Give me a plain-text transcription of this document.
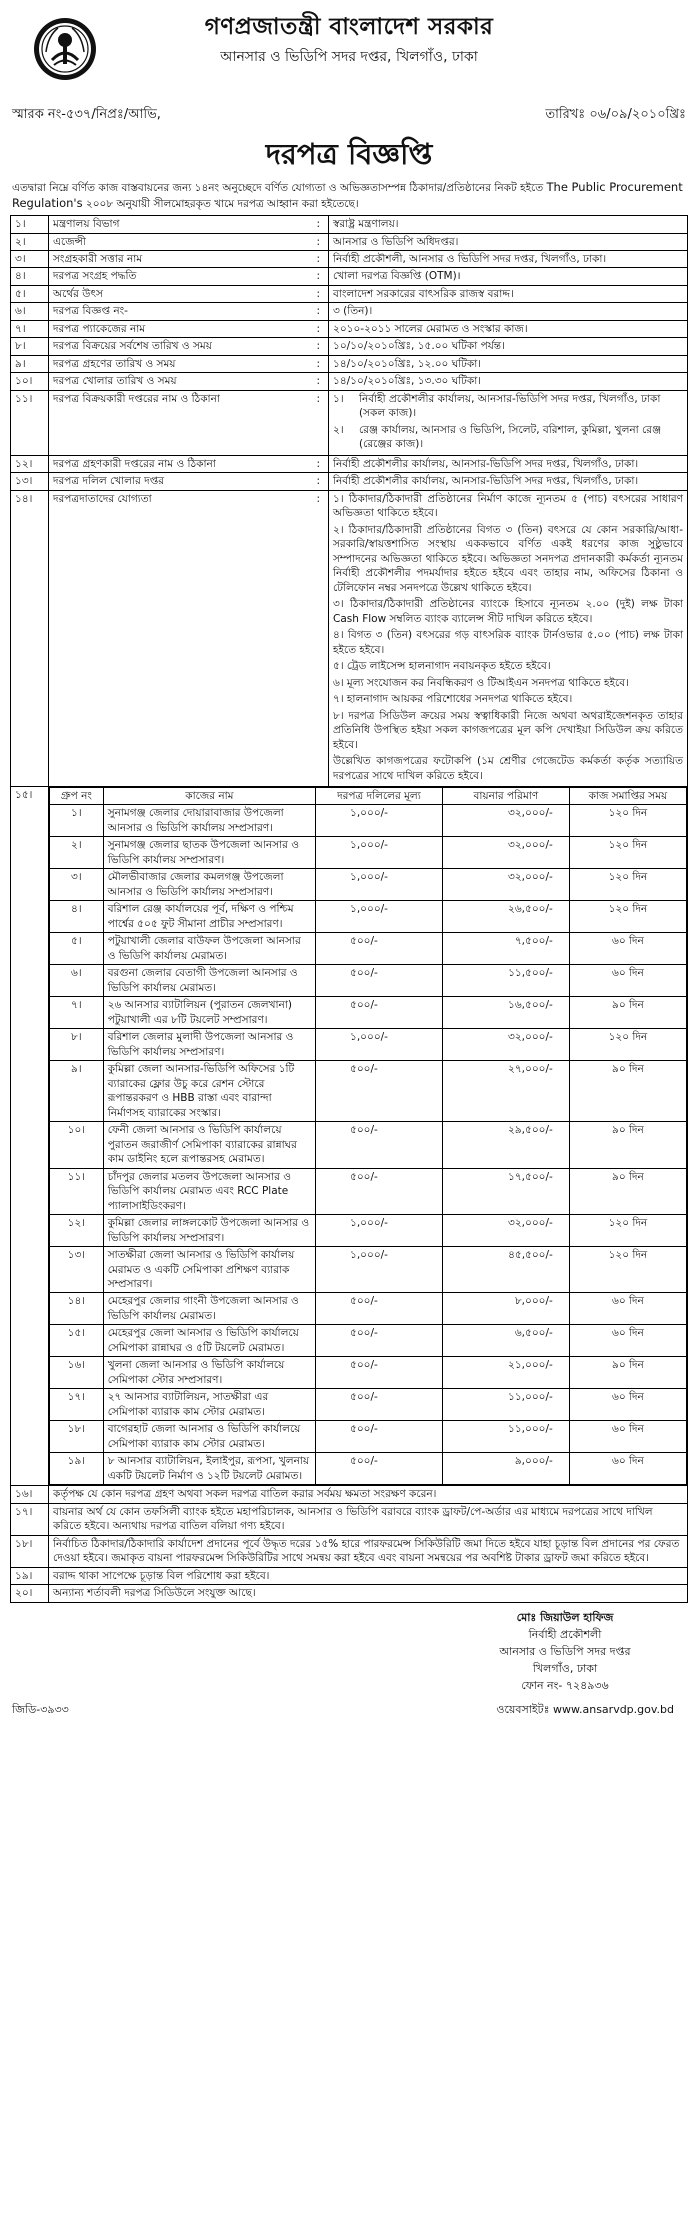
গণপ্রজাতন্ত্রী বাংলাদেশ সরকার
আনসার ও ভিডিপি সদর দপ্তর, খিলগাঁও, ঢাকা
স্মারক নং-৫৩৭/নিপ্রঃ/আভি,	তারিখঃ ০৬/০৯/২০১০খ্রিঃ
দরপত্র বিজ্ঞপ্তি
এতদ্বারা নিম্নে বর্ণিত কাজ বাস্তবায়নের জন্য ১৪নং অনুচ্ছেদে বর্ণিত যোগ্যতা ও অভিজ্ঞতাসম্পন্ন ঠিকাদার/প্রতিষ্ঠানের নিকট হইতে The Public Procurement Regulation's ২০০৮ অনুযায়ী সীলমোহরকৃত খামে দরপত্র আহ্বান করা হইতেছে।
১।	মন্ত্রণালয় বিভাগ	:	স্বরাষ্ট্র মন্ত্রণালয়।
২।	এজেন্সী	:	আনসার ও ভিডিপি অধিদপ্তর।
৩।	সংগ্রহকারী সত্তার নাম	:	নির্বাহী প্রকৌশলী, আনসার ও ভিডিপি সদর দপ্তর, খিলগাঁও, ঢাকা।
৪।	দরপত্র সংগ্রহ পদ্ধতি	:	খোলা দরপত্র বিজ্ঞপ্তি (OTM)।
৫।	অর্থের উৎস	:	বাংলাদেশ সরকারের বাৎসরিক রাজস্ব বরাদ্দ।
৬।	দরপত্র বিজ্ঞপ্ত নং-	:	৩ (তিন)।
৭।	দরপত্র প্যাকেজের নাম	:	২০১০-২০১১ সালের মেরামত ও সংস্কার কাজ।
৮।	দরপত্র বিক্রয়ের সর্বশেষ তারিখ ও সময়	:	১০/১০/২০১০খ্রিঃ, ১৫.০০ ঘটিকা পর্যন্ত।
৯।	দরপত্র গ্রহণের তারিখ ও সময়	:	১৪/১০/২০১০খ্রিঃ, ১২.০০ ঘটিকা।
১০।	দরপত্র খোলার তারিখ ও সময়	:	১৪/১০/২০১০খ্রিঃ, ১৩.৩০ ঘটিকা।
১১।	দরপত্র বিক্রয়কারী দপ্তরের নাম ও ঠিকানা	:	১।	নির্বাহী প্রকৌশলীর কার্যালয়, আনসার-ভিডিপি সদর দপ্তর, খিলগাঁও, ঢাকা (সকল কাজ)।
২।	রেঞ্জ কার্যালয়, আনসার ও ভিডিপি, সিলেট, বরিশাল, কুমিল্লা, খুলনা রেঞ্জ (রেঞ্জের কাজ)।

১২।	দরপত্র গ্রহণকারী দপ্তরের নাম ও ঠিকানা	:	নির্বাহী প্রকৌশলীর কার্যালয়, আনসার-ভিডিপি সদর দপ্তর, খিলগাঁও, ঢাকা।
১৩।	দরপত্র দলিল খোলার দপ্তর	:	নির্বাহী প্রকৌশলীর কার্যালয়, আনসার-ভিডিপি সদর দপ্তর, খিলগাঁও, ঢাকা।
১৪।	দরপত্রদাতাদের যোগ্যতা	:	১। ঠিকাদার/ঠিকাদারী প্রতিষ্ঠানের নির্মাণ কাজে ন্যূনতম ৫ (পাচ) বৎসরের সাধারণ অভিজ্ঞতা থাকিতে হইবে।

২। ঠিকাদার/ঠিকাদারী প্রতিষ্ঠানের বিগত ৩ (তিন) বৎসরে যে কোন সরকারি/আধা-সরকারি/স্বায়ত্তশাসিত সংস্থায় এককভাবে বর্ণিত একই ধরণের কাজ সুষ্ঠুভাবে সম্পাদনের অভিজ্ঞতা থাকিতে হইবে। অভিজ্ঞতা সনদপত্র প্রদানকারী কর্মকর্তা ন্যূনতম নির্বাহী প্রকৌশলীর পদমর্যাদার হইতে হইবে এবং তাহার নাম, অফিসের ঠিকানা ও টেলিফোন নম্বর সনদপত্রে উল্লেখ থাকিতে হইবে।

৩। ঠিকাদার/ঠিকাদারী প্রতিষ্ঠানের ব্যাংকে হিসাবে ন্যূনতম ২.০০ (দুই) লক্ষ টাকা Cash Flow সম্বলিত ব্যাংক ব্যালেন্স সীট দাখিল করিতে হইবে।

৪। বিগত ৩ (তিন) বৎসরের গড় বাৎসরিক ব্যাংক টার্নওভার ৫.০০ (পাচ) লক্ষ টাকা হইতে হইবে।

৫। ট্রেড লাইসেন্স হালনাগাদ নবায়নকৃত হইতে হইবে।

৬। মূল্য সংযোজন কর নিবন্ধিকরণ ও টিআইএন সনদপত্র থাকিতে হইবে।

৭। হালনাগাদ আয়কর পরিশোধের সনদপত্র থাকিতে হইবে।

৮। দরপত্র সিডিউল ক্রয়ের সময় স্বত্বাধিকারী নিজে অথবা অথরাইজেশনকৃত তাহার প্রতিনিধি উপস্থিত হইয়া সকল কাগজপত্রের মূল কপি দেখাইয়া সিডিউল ক্রয় করিতে হইবে।

উল্লেখিত কাগজপত্রের ফটোকপি (১ম শ্রেণীর গেজেটেড কর্মকর্তা কর্তৃক সত্যায়িত দরপত্রের সাথে দাখিল করিতে হইবে।

১৫।		গ্রুপ নং	কাজের নাম	দরপত্র দলিলের মূল্য	বায়নার পরিমাণ	কাজ সমাপ্তির সময়
১।	সুনামগঞ্জ জেলার দোয়ারাবাজার উপজেলা আনসার ও ভিডিপি কার্যালয় সম্প্রসারণ।	১,০০০/-	৩২,০০০/-	১২০ দিন
২।	সুনামগঞ্জ জেলার ছাতক উপজেলা আনসার ও ভিডিপি কার্যালয় সম্প্রসারণ।	১,০০০/-	৩২,০০০/-	১২০ দিন
৩।	মৌলভীবাজার জেলার কমলগঞ্জ উপজেলা আনসার ও ভিডিপি কার্যালয় সম্প্রসারণ।	১,০০০/-	৩২,০০০/-	১২০ দিন
৪।	বরিশাল রেঞ্জ কার্যালয়ের পূর্ব, দক্ষিণ ও পশ্চিম পার্শ্বের ৫০৫ ফুট সীমানা প্রাচীর সম্প্রসারণ।	১,০০০/-	২৬,৫০০/-	১২০ দিন
৫।	পটুয়াখালী জেলার বাউফল উপজেলা আনসার ও ভিডিপি কার্যালয় মেরামত।	৫০০/-	৭,৫০০/-	৬০ দিন
৬।	বরগুনা জেলার বেতাগী উপজেলা আনসার ও ভিডিপি কার্যালয় মেরামত।	৫০০/-	১১,৫০০/-	৬০ দিন
৭।	২৬ আনসার ব্যাটালিয়ন (পুরাতন জেলখানা) পটুয়াখালী এর ৮টি টয়লেট সম্প্রসারণ।	৫০০/-	১৬,৫০০/-	৯০ দিন
৮।	বরিশাল জেলার মুলাদী উপজেলা আনসার ও ভিডিপি কার্যালয় সম্প্রসারণ।	১,০০০/-	৩২,০০০/-	১২০ দিন
৯।	কুমিল্লা জেলা আনসার-ভিডিপি অফিসের ১টি ব্যারাকের ফ্লোর উচু করে রেশন স্টোরে রূপান্তরকরণ ও HBB রাস্তা এবং বারান্দা নির্মাণসহ ব্যারাকের সংস্কার।	৫০০/-	২৭,০০০/-	৯০ দিন
১০।	ফেনী জেলা আনসার ও ভিডিপি কার্যালয়ে পুরাতন জরাজীর্ণ সেমিপাকা ব্যারাকের রান্নাঘর কাম ডাইনিং হলে রূপান্তরসহ মেরামত।	৫০০/-	২৯,৫০০/-	৯০ দিন
১১।	চাঁদপুর জেলার মতলব উপজেলা আনসার ও ভিডিপি কার্যালয় মেরামত এবং RCC Plate প্যালাসাইডিংকরণ।	৫০০/-	১৭,৫০০/-	৯০ দিন
১২।	কুমিল্লা জেলার লাঙ্গলকোট উপজেলা আনসার ও ভিডিপি কার্যালয় সম্প্রসারণ।	১,০০০/-	৩২,০০০/-	১২০ দিন
১৩।	সাতক্ষীরা জেলা আনসার ও ভিডিপি কার্যালয় মেরামত ও একটি সেমিপাকা প্রশিক্ষণ ব্যারাক সম্প্রসারণ।	১,০০০/-	৪৫,৫০০/-	১২০ দিন
১৪।	মেহেরপুর জেলার গাংনী উপজেলা আনসার ও ভিডিপি কার্যালয় মেরামত।	৫০০/-	৮,০০০/-	৬০ দিন
১৫।	মেহেরপুর জেলা আনসার ও ভিডিপি কার্যালয়ে সেমিপাকা রান্নাঘর ও ৫টি টয়লেট মেরামত।	৫০০/-	৬,৫০০/-	৬০ দিন
১৬।	খুলনা জেলা আনসার ও ভিডিপি কার্যালয়ে সেমিপাকা স্টোর সম্প্রসারণ।	৫০০/-	২১,০০০/-	৯০ দিন
১৭।	২৭ আনসার ব্যাটালিয়ন, সাতক্ষীরা এর সেমিপাকা ব্যারাক কাম স্টোর মেরামত।	৫০০/-	১১,০০০/-	৬০ দিন
১৮।	বাগেরহাট জেলা আনসার ও ভিডিপি কার্যালয়ে সেমিপাকা ব্যারাক কাম স্টোর মেরামত।	৫০০/-	১১,০০০/-	৬০ দিন
১৯।	৮ আনসার ব্যাটালিয়ন, ইলাইপুর, রূপসা, খুলনায় একটি টয়লেট নির্মাণ ও ১২টি টয়লেট মেরামত।	৫০০/-	৯,০০০/-	৬০ দিন

১৬।	কর্তৃপক্ষ যে কোন দরপত্র গ্রহণ অথবা সকল দরপত্র বাতিল করার সর্বময় ক্ষমতা সংরক্ষণ করেন।
১৭।	বায়নার অর্থ যে কোন তফসিলী ব্যাংক হইতে মহাপরিচালক, আনসার ও ভিডিপি বরাবরে ব্যাংক ড্রাফট/পে-অর্ডার এর মাধ্যমে দরপত্রের সাথে দাখিল করিতে হইবে। অন্যথায় দরপত্র বাতিল বলিয়া গণ্য হইবে।
১৮।	নির্বাচিত ঠিকাদার/ঠিকাদারি কার্যাদেশ প্রদানের পূর্বে উদ্ধৃত দরের ১৫% হারে পারফরমেন্স সিকিউরিটি জমা দিতে হইবে যাহা চূড়ান্ত বিল প্রদানের পর ফেরত দেওয়া হইবে। জমাকৃত বায়না পারফরমেন্স সিকিউরিটির সাথে সমন্বয় করা হইবে এবং বায়না সমন্বয়ের পর অবশিষ্ট টাকার ড্রাফট জমা করিতে হইবে।
১৯।	বরাদ্দ থাকা সাপেক্ষে চূড়ান্ত বিল পরিশোধ করা হইবে।
২০।	অন্যান্য শর্তাবলী দরপত্র সিডিউলে সংযুক্ত আছে।
মোঃ জিয়াউল হাফিজ
নির্বাহী প্রকৌশলী
আনসার ও ভিডিপি সদর দপ্তর
খিলগাঁও, ঢাকা
ফোন নং- ৭২৪৯৩৬
জিডি-৩৯৩৩	ওয়েবসাইটঃ www.ansarvdp.gov.bd
